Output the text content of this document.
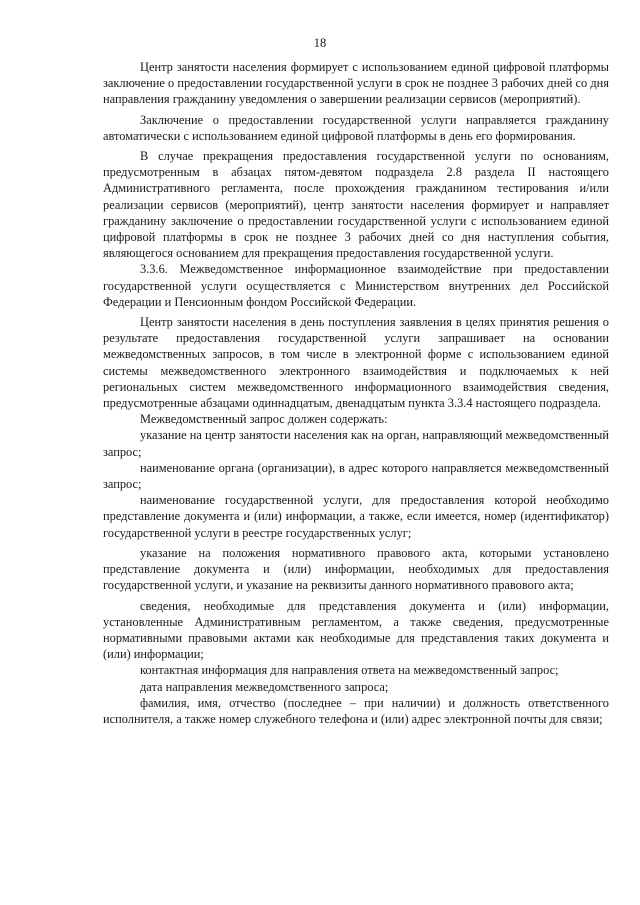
18

Центр занятости населения формирует с использованием единой цифровой платформы заключение о предоставлении государственной услуги в срок не позднее 3 рабочих дней со дня направления гражданину уведомления о завершении реализации сервисов (мероприятий).

Заключение о предоставлении государственной услуги направляется гражданину автоматически с использованием единой цифровой платформы в день его формирования.

В случае прекращения предоставления государственной услуги по основаниям, предусмотренным в абзацах пятом-девятом подраздела 2.8 раздела II настоящего Административного регламента, после прохождения гражданином тестирования и/или реализации сервисов (мероприятий), центр занятости населения формирует и направляет гражданину заключение о предоставлении государственной услуги с использованием единой цифровой платформы в срок не позднее 3 рабочих дней со дня наступления события, являющегося основанием для прекращения предоставления государственной услуги.

3.3.6. Межведомственное информационное взаимодействие при предоставлении государственной услуги осуществляется с Министерством внутренних дел Российской Федерации и Пенсионным фондом Российской Федерации.

Центр занятости населения в день поступления заявления в целях принятия решения о результате предоставления государственной услуги запрашивает на основании межведомственных запросов, в том числе в электронной форме с использованием единой системы межведомственного электронного взаимодействия и подключаемых к ней региональных систем межведомственного информационного взаимодействия сведения, предусмотренные абзацами одиннадцатым, двенадцатым пункта 3.3.4 настоящего подраздела.

Межведомственный запрос должен содержать:

указание на центр занятости населения как на орган, направляющий межведомственный запрос;

наименование органа (организации), в адрес которого направляется межведомственный запрос;

наименование государственной услуги, для предоставления которой необходимо представление документа и (или) информации, а также, если имеется, номер (идентификатор) государственной услуги в реестре государственных услуг;

указание на положения нормативного правового акта, которыми установлено представление документа и (или) информации, необходимых для предоставления государственной услуги, и указание на реквизиты данного нормативного правового акта;

сведения, необходимые для представления документа и (или) информации, установленные Административным регламентом, а также сведения, предусмотренные нормативными правовыми актами как необходимые для представления таких документа и (или) информации;

контактная информация для направления ответа на межведомственный запрос;

дата направления межведомственного запроса;

фамилия, имя, отчество (последнее – при наличии) и должность ответственного исполнителя, а также номер служебного телефона и (или) адрес электронной почты для связи;
